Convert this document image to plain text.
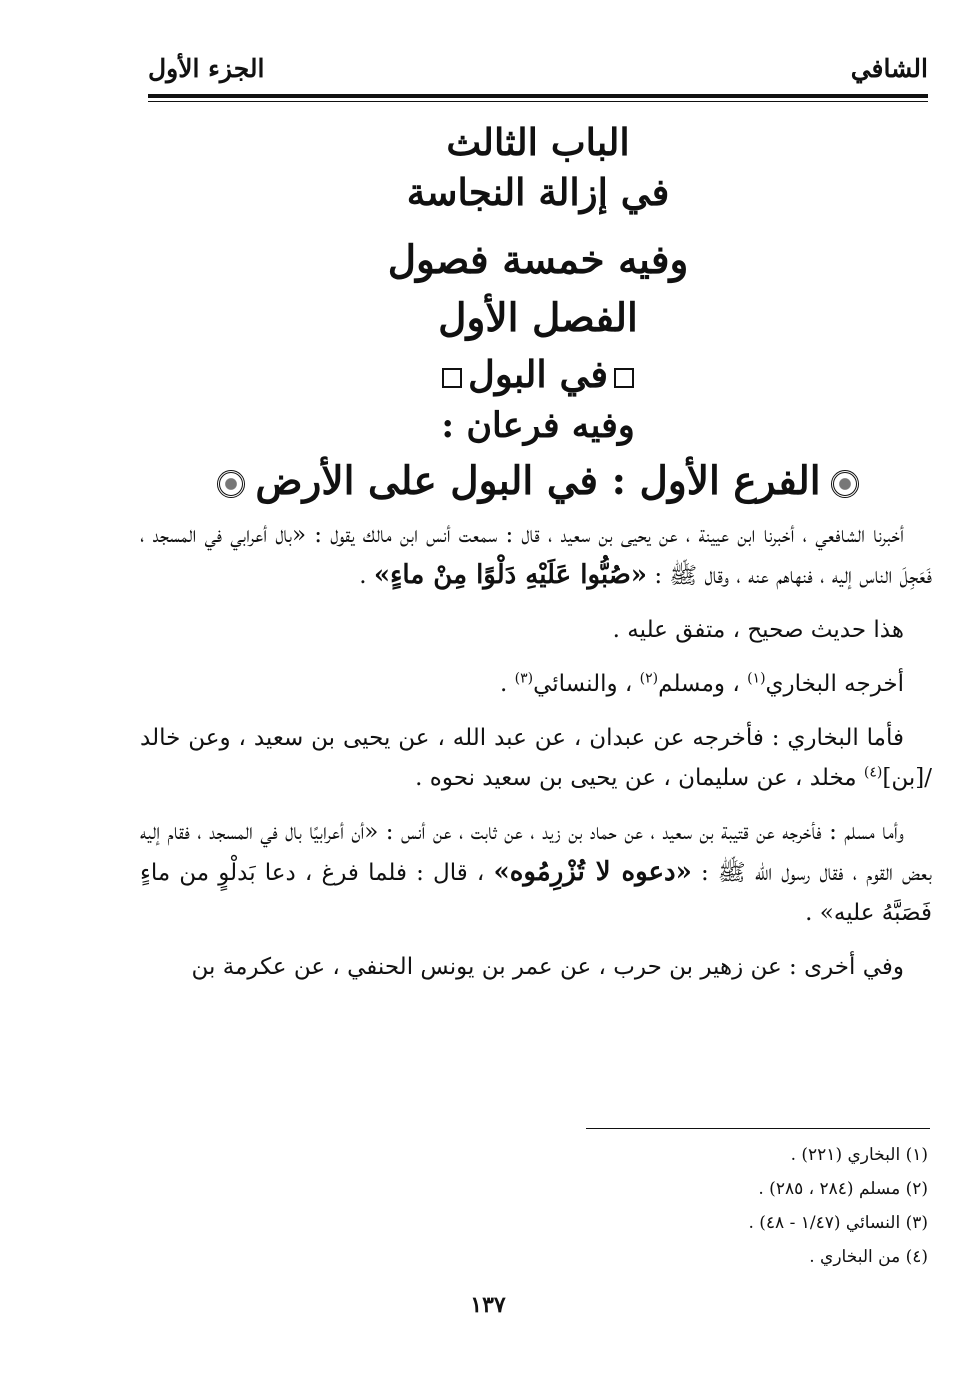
الشافي
الجزء الأول
الباب الثالث
في إزالة النجاسة
وفيه خمسة فصول
الفصل الأول
في البول
وفيه فرعان :
الفرع الأول : في البول على الأرض

أخبرنا الشافعي ، أخبرنا ابن عيينة ، عن يحيى بن سعيد ، قال : سمعت أنس ابن مالك يقول : «بال أعرابي في المسجد ، فَعَجِلَ الناس إليه ، فنهاهم عنه ، وقال ﷺ : «صُبُّوا عَلَيْهِ دَلْوًا مِنْ ماءٍ» .

هذا حديث صحيح ، متفق عليه .

أخرجه البخاري$^{(١)}$ ، ومسلم$^{(٢)}$ ، والنسائي$^{(٣)}$ .

فأما البخاري : فأخرجه عن عبدان ، عن عبد الله ، عن يحيى بن سعيد ، وعن خالد /[بن]$^{(٤)}$ مخلد ، عن سليمان ، عن يحيى بن سعيد نحوه .

وأما مسلم : فأخرجه عن قتيبة بن سعيد ، عن حماد بن زيد ، عن ثابت ، عن أنس : «أن أعرابيًا بال في المسجد ، فقام إليه بعض القوم ، فقال رسول الله ﷺ : «دعوه لا تُزْرِمُوه» ، قال : فلما فرغ ، دعا بَدلْوٍ من ماءٍ فَصَبَّهُ عليه» .

وفي أخرى : عن زهير بن حرب ، عن عمر بن يونس الحنفي ، عن عكرمة بن

(١) البخاري (٢٢١) .
(٢) مسلم (٢٨٤ ، ٢٨٥) .
(٣) النسائي (١/٤٧ - ٤٨) .
(٤) من البخاري .
١٣٧
